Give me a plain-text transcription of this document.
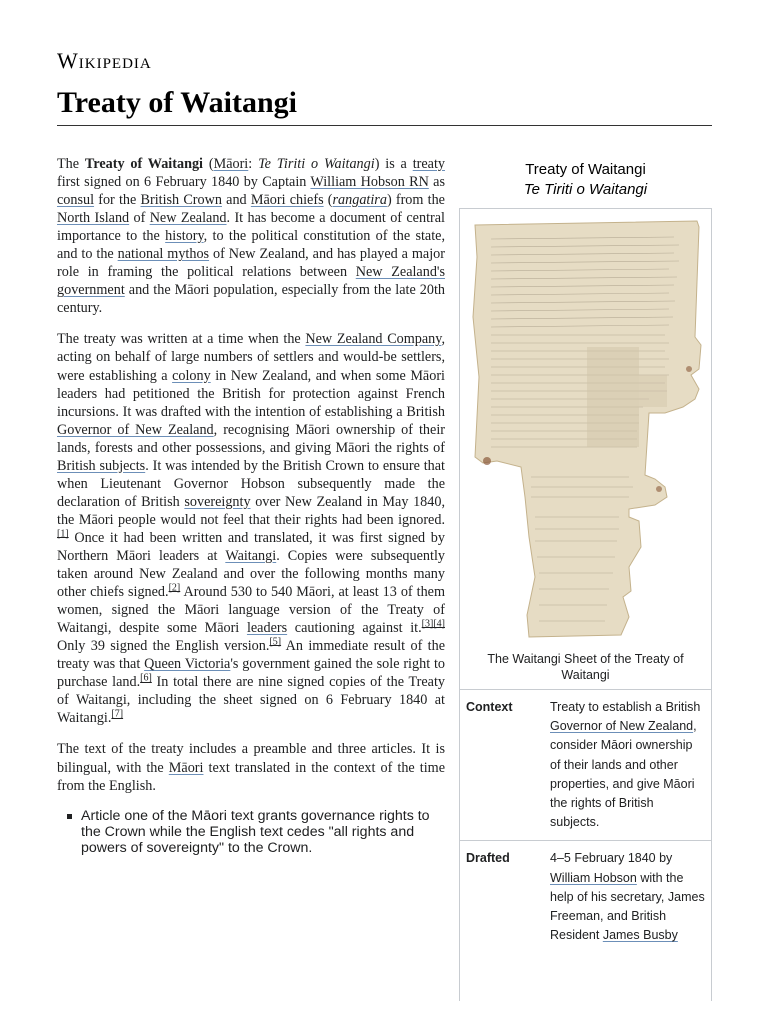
Wikipedia
Treaty of Waitangi

The Treaty of Waitangi (Māori: Te Tiriti o Waitangi) is a treaty first signed on 6 February 1840 by Captain William Hobson RN as consul for the British Crown and Māori chiefs (rangatira) from the North Island of New Zealand. It has become a document of central importance to the history, to the political constitution of the state, and to the national mythos of New Zealand, and has played a major role in framing the political relations between New Zealand's government and the Māori population, especially from the late 20th century.

The treaty was written at a time when the New Zealand Company, acting on behalf of large numbers of settlers and would-be settlers, were establishing a colony in New Zealand, and when some Māori leaders had petitioned the British for protection against French incursions. It was drafted with the intention of establishing a British Governor of New Zealand, recognising Māori ownership of their lands, forests and other possessions, and giving Māori the rights of British subjects. It was intended by the British Crown to ensure that when Lieutenant Governor Hobson subsequently made the declaration of British sovereignty over New Zealand in May 1840, the Māori people would not feel that their rights had been ignored.[1] Once it had been written and translated, it was first signed by Northern Māori leaders at Waitangi. Copies were subsequently taken around New Zealand and over the following months many other chiefs signed.[2] Around 530 to 540 Māori, at least 13 of them women, signed the Māori language version of the Treaty of Waitangi, despite some Māori leaders cautioning against it.[3][4] Only 39 signed the English version.[5] An immediate result of the treaty was that Queen Victoria's government gained the sole right to purchase land.[6] In total there are nine signed copies of the Treaty of Waitangi, including the sheet signed on 6 February 1840 at Waitangi.[7]

The text of the treaty includes a preamble and three articles. It is bilingual, with the Māori text translated in the context of the time from the English.

Article one of the Māori text grants governance rights to the Crown while the English text cedes "all rights and powers of sovereignty" to the Crown.
Treaty of Waitangi
Te Tiriti o Waitangi
The Waitangi Sheet of the Treaty of Waitangi
Context	Treaty to establish a British Governor of New Zealand, consider Māori ownership of their lands and other properties, and give Māori the rights of British subjects.
Drafted	4–5 February 1840 by William Hobson with the help of his secretary, James Freeman, and British Resident James Busby
